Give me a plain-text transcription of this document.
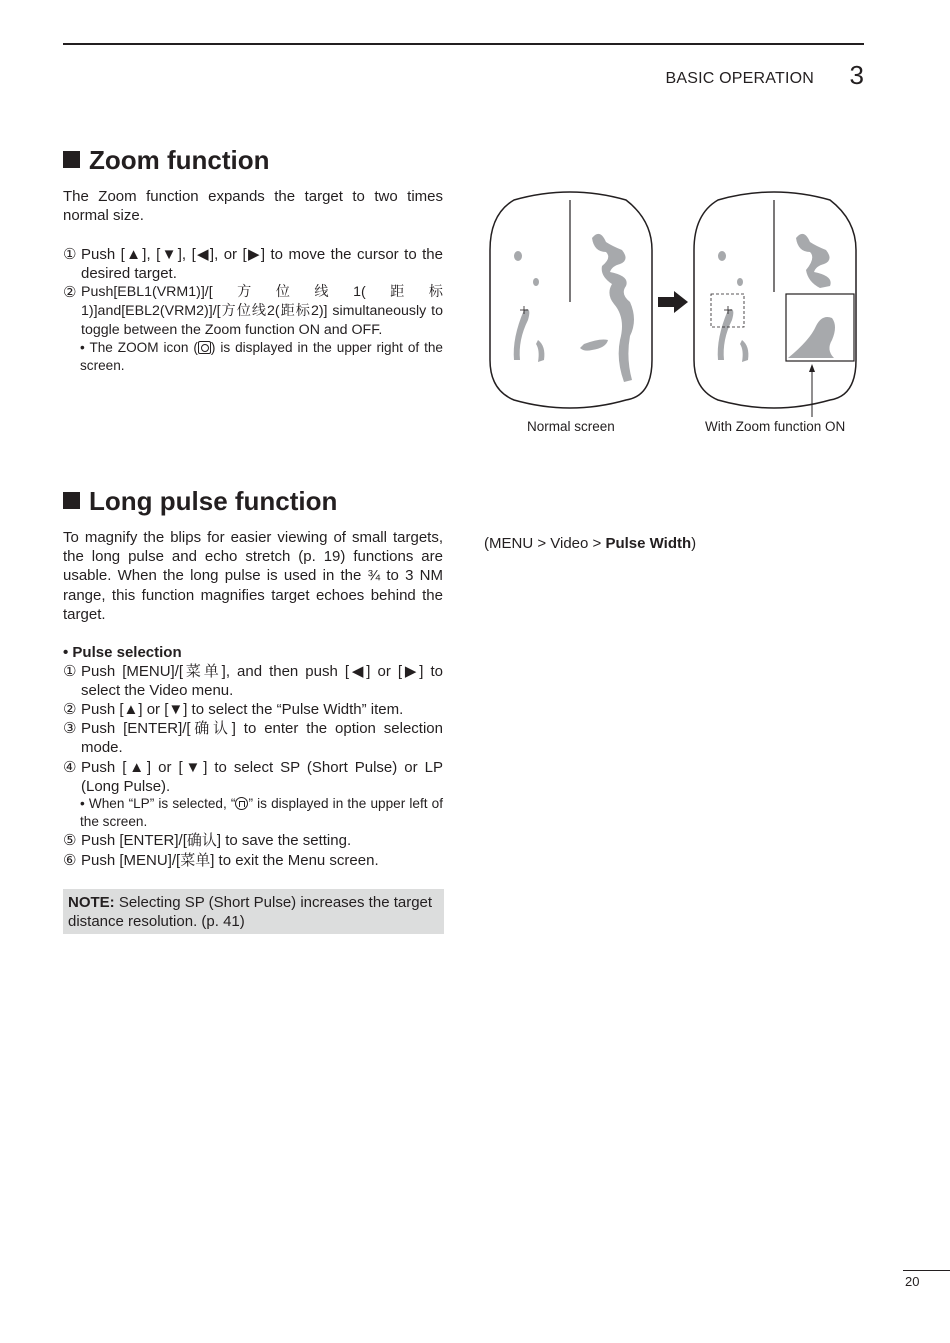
BASIC OPERATION 3
Zoom function
The Zoom function expands the target to two times normal size.
① Push [▲], [▼], [◀], or [▶] to move the cursor to the desired target.
② Push[EBL1(VRM1)]/[方位线1(距标1)]and[EBL2(VRM2)]/[方位线2(距标2)] simultaneously to toggle between the Zoom function ON and OFF.
• The ZOOM icon ( ) is displayed in the upper right of the screen.
Normal screen	With Zoom function ON
Long pulse function
To magnify the blips for easier viewing of small targets, the long pulse and echo stretch (p. 19) functions are usable. When the long pulse is used in the ¾ to 3 NM range, this function magnifies target echoes behind the target.
(MENU > Video > Pulse Width)
• Pulse selection
① Push [MENU]/[菜单], and then push [◀] or [▶] to select the Video menu.
② Push [▲] or [▼] to select the “Pulse Width” item.
③ Push [ENTER]/[确认] to enter the option selection mode.
④ Push [▲] or [▼] to select SP (Short Pulse) or LP (Long Pulse).
• When “LP” is selected, “ ” is displayed in the upper left of the screen.
⑤ Push [ENTER]/[确认] to save the setting.
⑥ Push [MENU]/[菜单] to exit the Menu screen.
NOTE: Selecting SP (Short Pulse) increases the target distance resolution. (p. 41)
20
